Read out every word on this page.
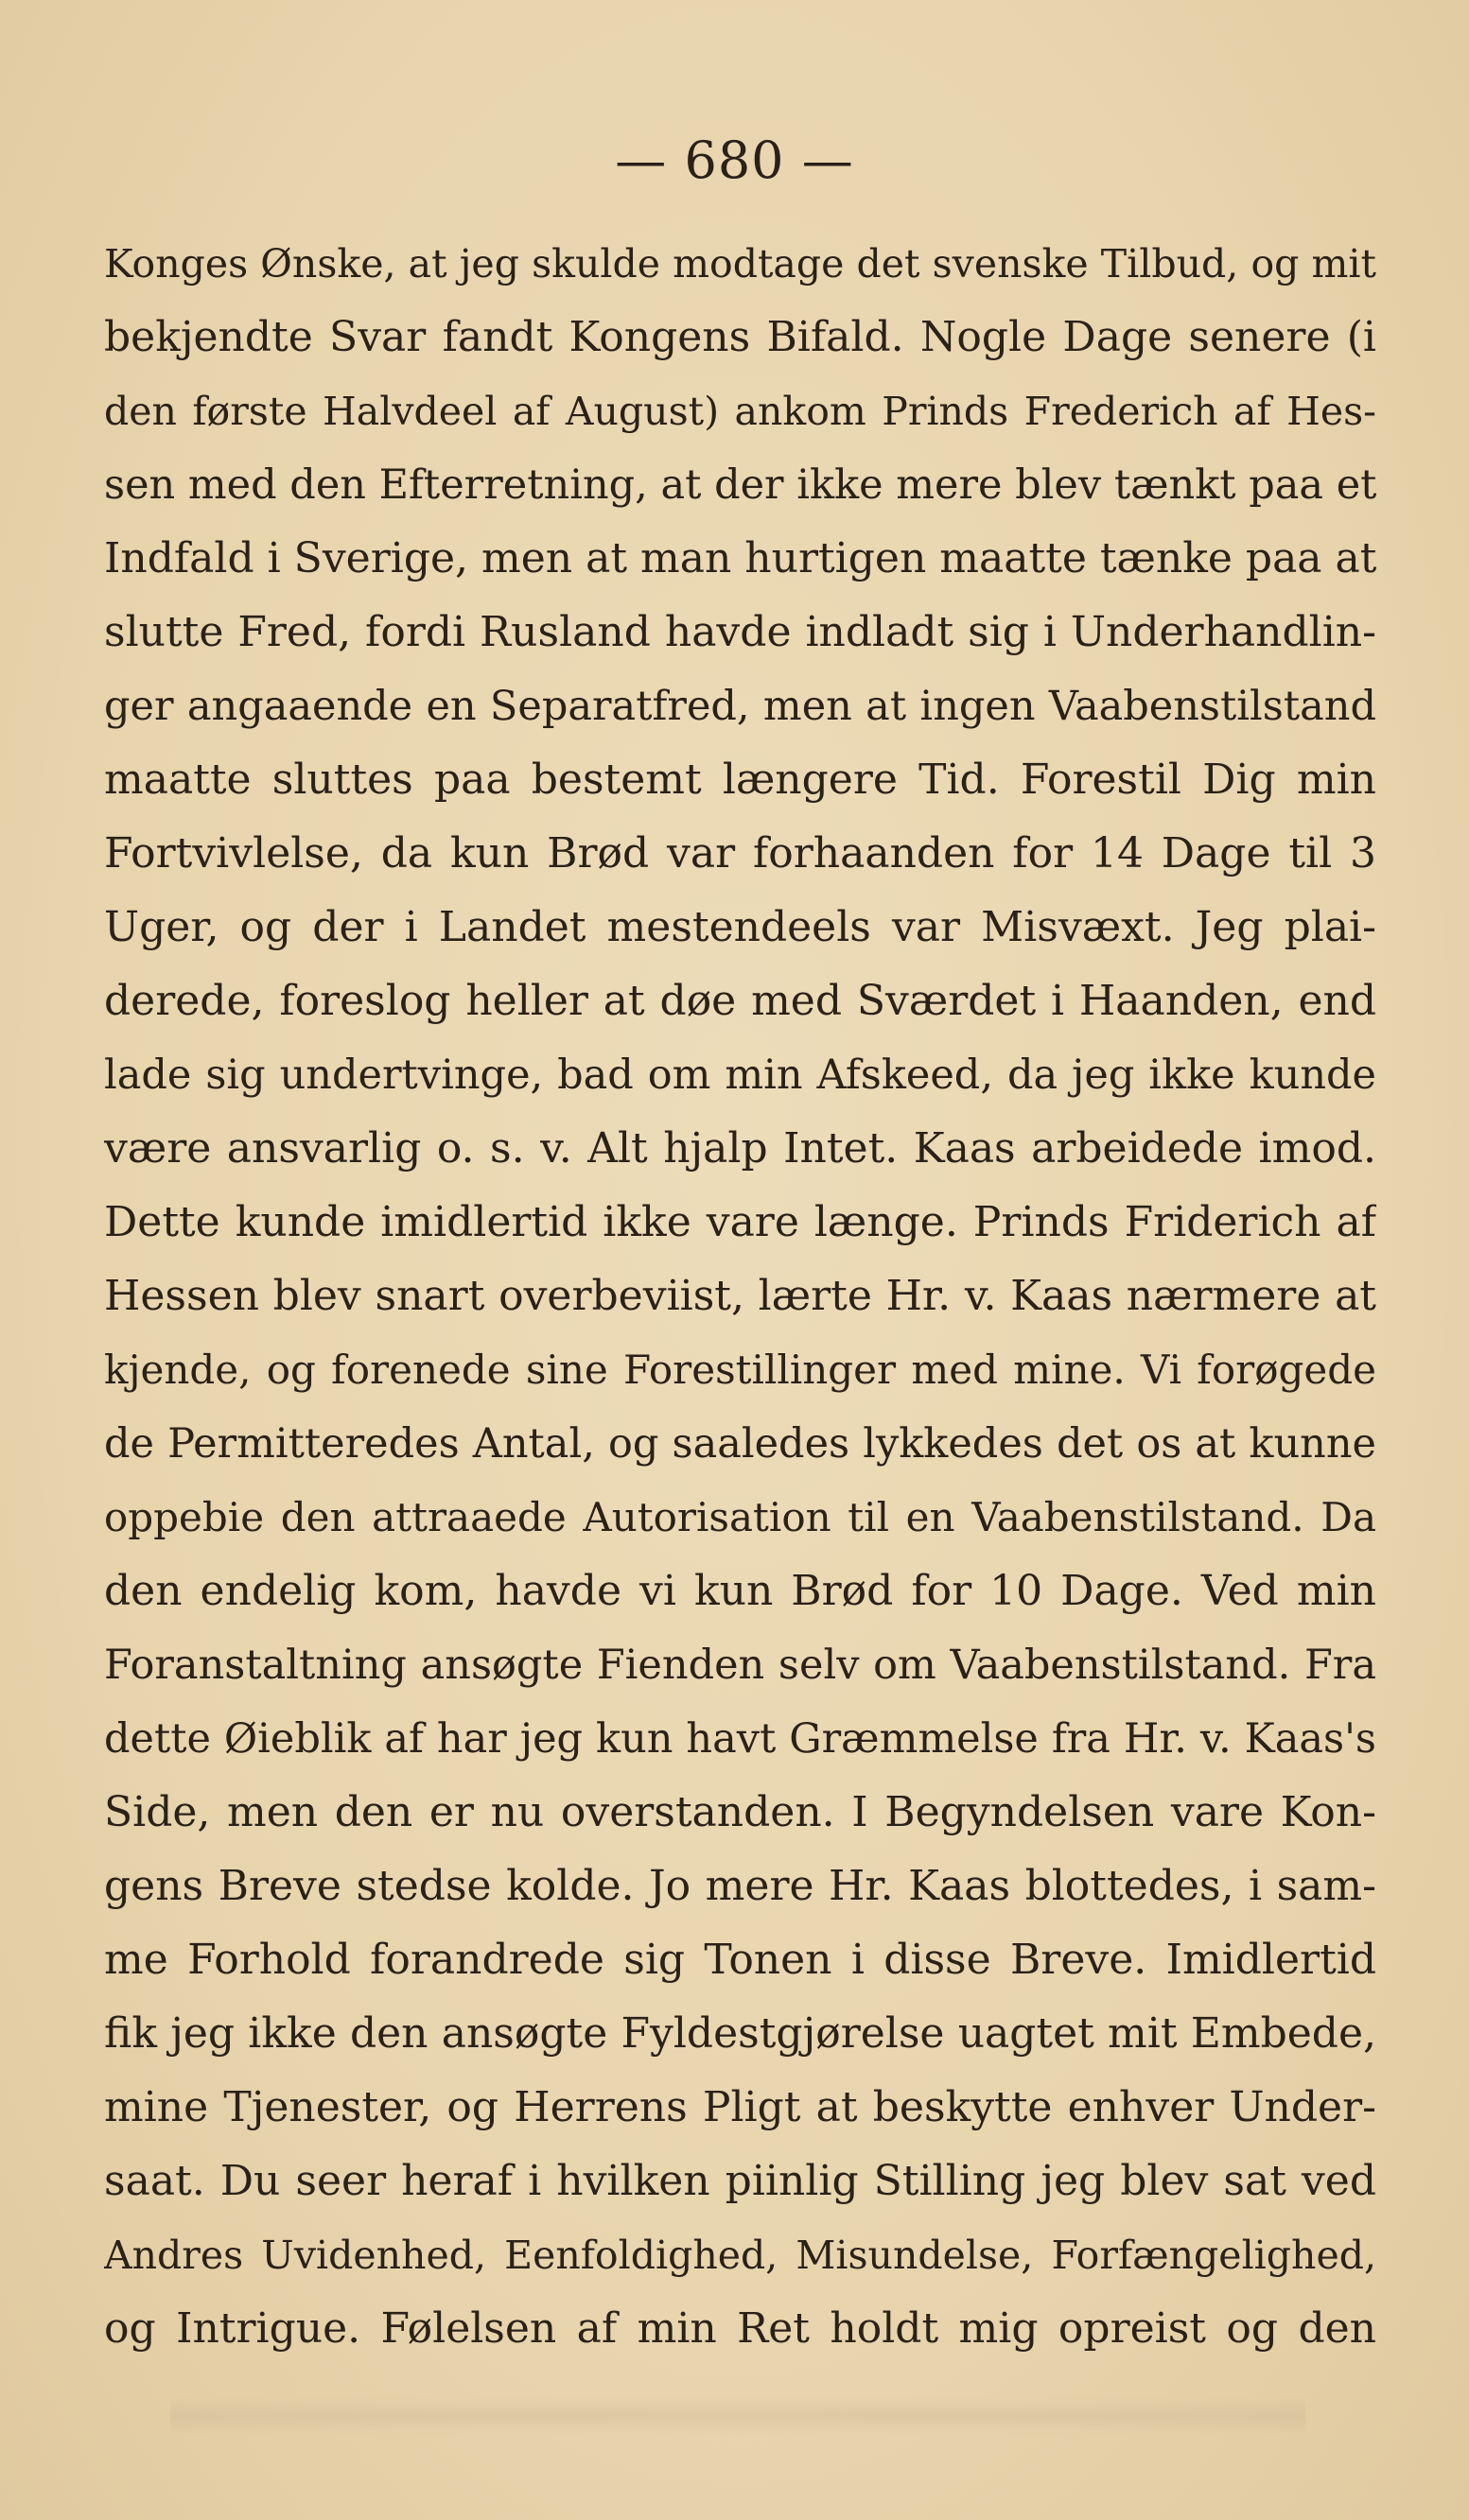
— 680 —
Konges Ønske, at jeg skulde modtage det svenske Tilbud, og mit
bekjendte Svar fandt Kongens Bifald. Nogle Dage senere (i
den første Halvdeel af August) ankom Prinds Frederich af Hes-
sen med den Efterretning, at der ikke mere blev tænkt paa et
Indfald i Sverige, men at man hurtigen maatte tænke paa at
slutte Fred, fordi Rusland havde indladt sig i Underhandlin-
ger angaaende en Separatfred, men at ingen Vaabenstilstand
maatte sluttes paa bestemt længere Tid. Forestil Dig min
Fortvivlelse, da kun Brød var forhaanden for 14 Dage til 3
Uger, og der i Landet mestendeels var Misvæxt. Jeg plai-
derede, foreslog heller at døe med Sværdet i Haanden, end
lade sig undertvinge, bad om min Afskeed, da jeg ikke kunde
være ansvarlig o. s. v. Alt hjalp Intet. Kaas arbeidede imod.
Dette kunde imidlertid ikke vare længe. Prinds Friderich af
Hessen blev snart overbeviist, lærte Hr. v. Kaas nærmere at
kjende, og forenede sine Forestillinger med mine. Vi forøgede
de Permitteredes Antal, og saaledes lykkedes det os at kunne
oppebie den attraaede Autorisation til en Vaabenstilstand. Da
den endelig kom, havde vi kun Brød for 10 Dage. Ved min
Foranstaltning ansøgte Fienden selv om Vaabenstilstand. Fra
dette Øieblik af har jeg kun havt Græmmelse fra Hr. v. Kaas's
Side, men den er nu overstanden. I Begyndelsen vare Kon-
gens Breve stedse kolde. Jo mere Hr. Kaas blottedes, i sam-
me Forhold forandrede sig Tonen i disse Breve. Imidlertid
fik jeg ikke den ansøgte Fyldestgjørelse uagtet mit Embede,
mine Tjenester, og Herrens Pligt at beskytte enhver Under-
saat. Du seer heraf i hvilken piinlig Stilling jeg blev sat ved
Andres Uvidenhed, Eenfoldighed, Misundelse, Forfængelighed,
og Intrigue. Følelsen af min Ret holdt mig opreist og den
